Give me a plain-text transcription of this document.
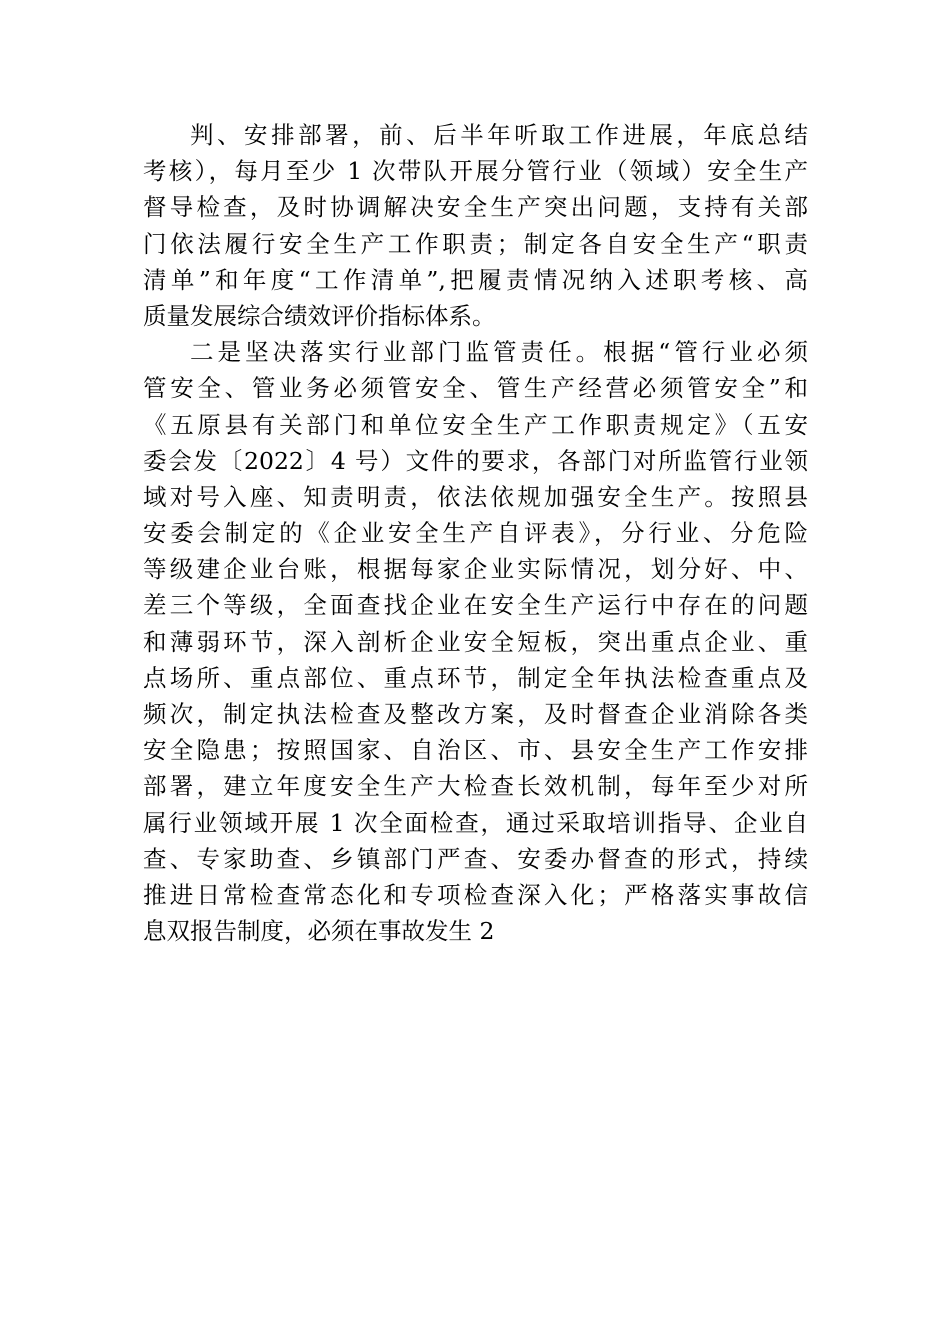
判、安排部署，前、后半年听取工作进展，年底总结
考核），每月至少 1 次带队开展分管行业（领域）安全生产
督导检查，及时协调解决安全生产突出问题，支持有关部
门依法履行安全生产工作职责；制定各自安全生产“职责
清单”和年度“工作清单”,把履责情况纳入述职考核、高
质量发展综合绩效评价指标体系。
二是坚决落实行业部门监管责任。根据“管行业必须
管安全、管业务必须管安全、管生产经营必须管安全”和
《五原县有关部门和单位安全生产工作职责规定》（五安
委会发〔2022〕4 号）文件的要求，各部门对所监管行业领
域对号入座、知责明责，依法依规加强安全生产。按照县
安委会制定的《企业安全生产自评表》，分行业、分危险
等级建企业台账，根据每家企业实际情况，划分好、中、
差三个等级，全面查找企业在安全生产运行中存在的问题
和薄弱环节，深入剖析企业安全短板，突出重点企业、重
点场所、重点部位、重点环节，制定全年执法检查重点及
频次，制定执法检查及整改方案，及时督查企业消除各类
安全隐患；按照国家、自治区、市、县安全生产工作安排
部署，建立年度安全生产大检查长效机制，每年至少对所
属行业领域开展 1 次全面检查，通过采取培训指导、企业自
查、专家助查、乡镇部门严查、安委办督查的形式，持续
推进日常检查常态化和专项检查深入化；严格落实事故信
息双报告制度，必须在事故发生 2
